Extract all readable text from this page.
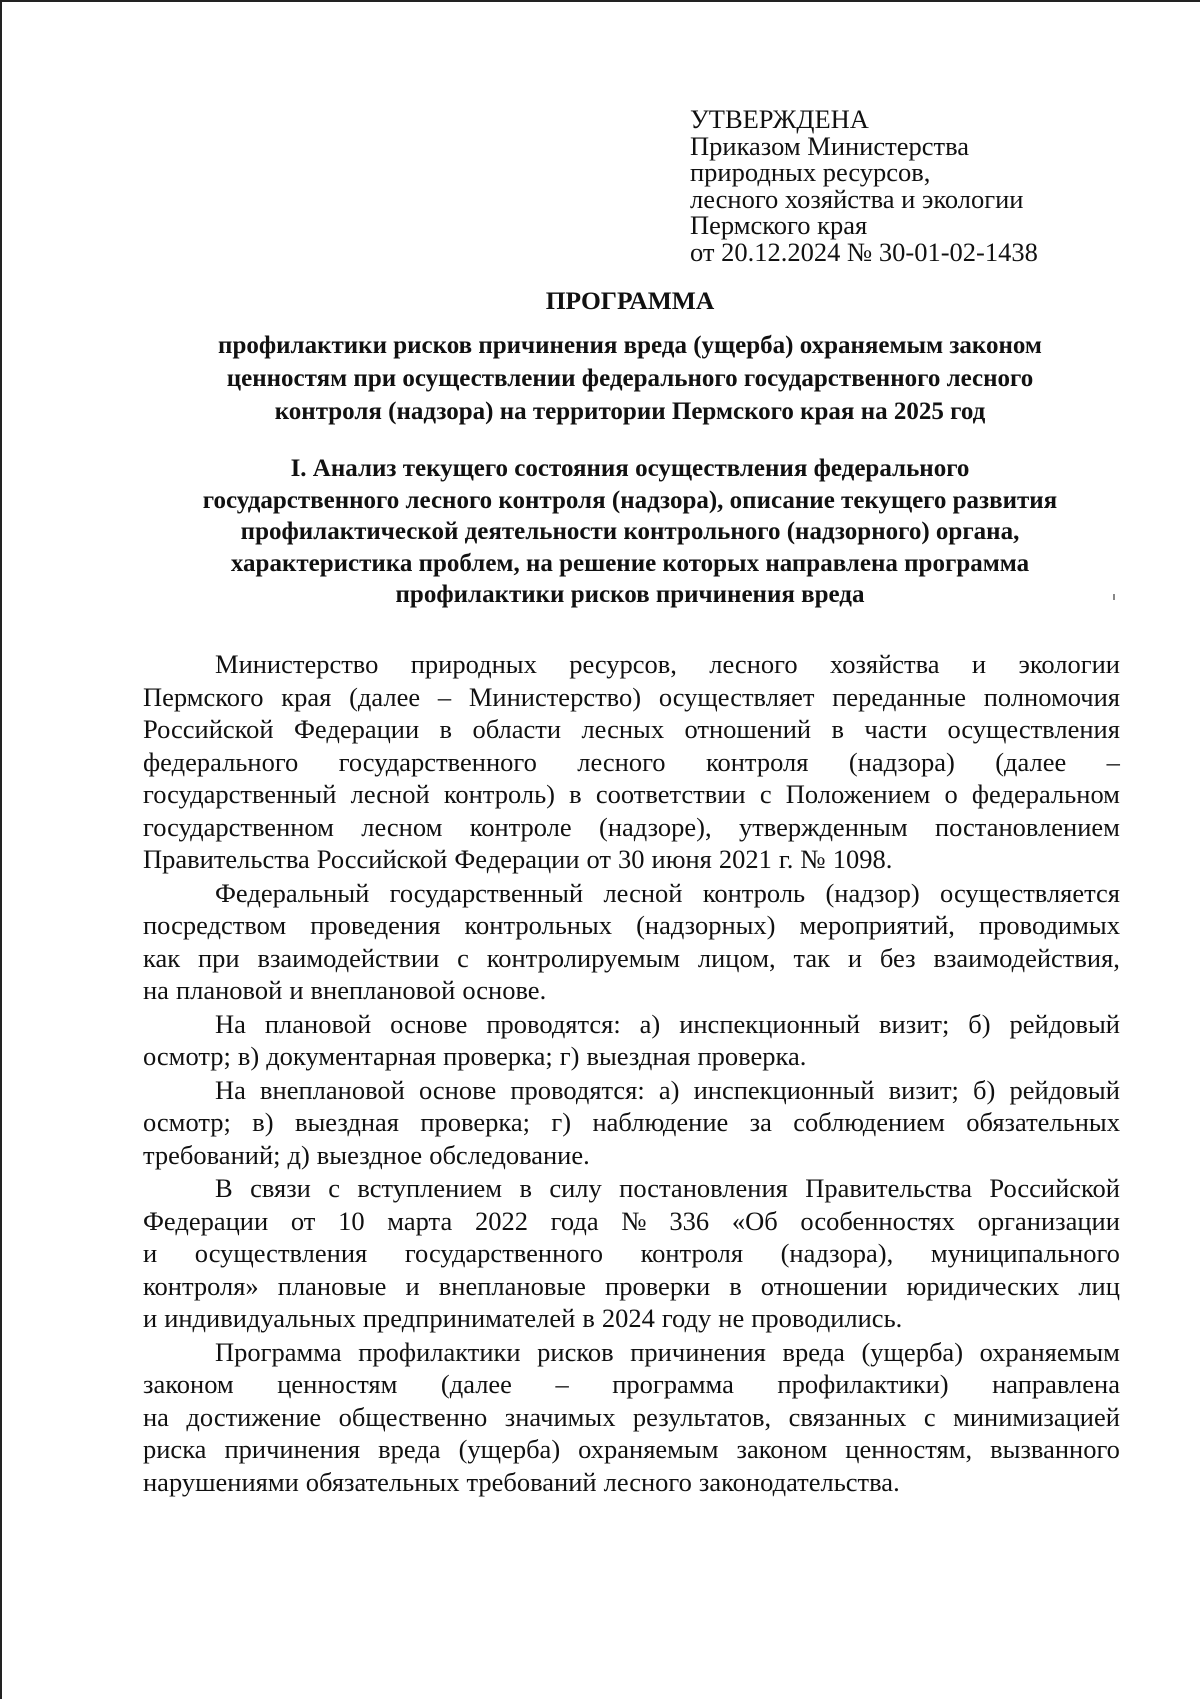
УТВЕРЖДЕНА
Приказом Министерства
природных ресурсов,
лесного хозяйства и экологии
Пермского края
от 20.12.2024 № 30-01-02-1438
ПРОГРАММА
профилактики рисков причинения вреда (ущерба) охраняемым законом
ценностям при осуществлении федерального государственного лесного
контроля (надзора) на территории Пермского края на 2025 год
I. Анализ текущего состояния осуществления федерального
государственного лесного контроля (надзора), описание текущего развития
профилактической деятельности контрольного (надзорного) органа,
характеристика проблем, на решение которых направлена программа
профилактики рисков причинения вреда
Министерство природных ресурсов, лесного хозяйства и экологии
Пермского края (далее – Министерство) осуществляет переданные полномочия
Российской Федерации в области лесных отношений в части осуществления
федерального государственного лесного контроля (надзора) (далее –
государственный лесной контроль) в соответствии с Положением о федеральном
государственном лесном контроле (надзоре), утвержденным постановлением
Правительства Российской Федерации от 30 июня 2021 г. № 1098.
Федеральный государственный лесной контроль (надзор) осуществляется
посредством проведения контрольных (надзорных) мероприятий, проводимых
как при взаимодействии с контролируемым лицом, так и без взаимодействия,
на плановой и внеплановой основе.
На плановой основе проводятся: а) инспекционный визит; б) рейдовый
осмотр; в) документарная проверка; г) выездная проверка.
На внеплановой основе проводятся: а) инспекционный визит; б) рейдовый
осмотр; в) выездная проверка; г) наблюдение за соблюдением обязательных
требований; д) выездное обследование.
В связи с вступлением в силу постановления Правительства Российской
Федерации от 10 марта 2022 года № 336 «Об особенностях организации
и осуществления государственного контроля (надзора), муниципального
контроля» плановые и внеплановые проверки в отношении юридических лиц
и индивидуальных предпринимателей в 2024 году не проводились.
Программа профилактики рисков причинения вреда (ущерба) охраняемым
законом ценностям (далее – программа профилактики) направлена
на достижение общественно значимых результатов, связанных с минимизацией
риска причинения вреда (ущерба) охраняемым законом ценностям, вызванного
нарушениями обязательных требований лесного законодательства.
